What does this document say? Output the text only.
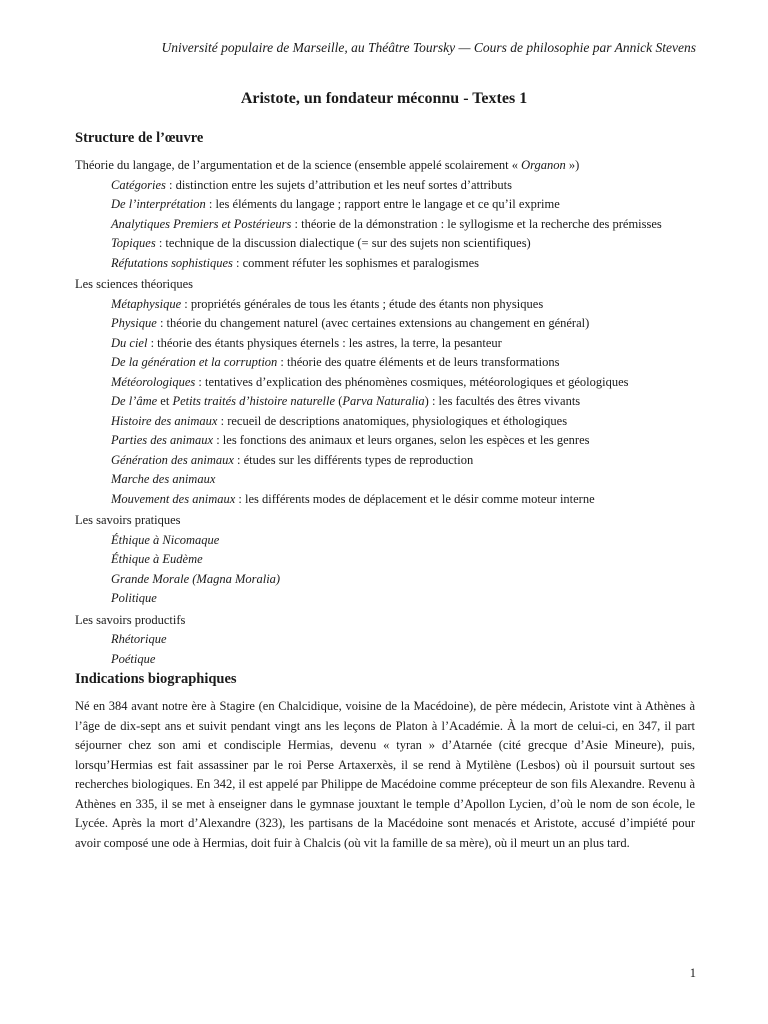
Université populaire de Marseille, au Théâtre Toursky — Cours de philosophie par Annick Stevens
Aristote, un fondateur méconnu - Textes 1
Structure de l’œuvre

Théorie du langage, de l’argumentation et de la science (ensemble appelé scolairement « Organon »)

Catégories : distinction entre les sujets d’attribution et les neuf sortes d’attributs

De l’interprétation : les éléments du langage ; rapport entre le langage et ce qu’il exprime

Analytiques Premiers et Postérieurs : théorie de la démonstration : le syllogisme et la recherche des prémisses

Topiques : technique de la discussion dialectique (= sur des sujets non scientifiques)

Réfutations sophistiques : comment réfuter les sophismes et paralogismes

Les sciences théoriques

Métaphysique : propriétés générales de tous les étants ; étude des étants non physiques

Physique : théorie du changement naturel (avec certaines extensions au changement en général)

Du ciel : théorie des étants physiques éternels : les astres, la terre, la pesanteur

De la génération et la corruption : théorie des quatre éléments et de leurs transformations

Météorologiques : tentatives d’explication des phénomènes cosmiques, météorologiques et géologiques

De l’âme et Petits traités d’histoire naturelle (Parva Naturalia) : les facultés des êtres vivants

Histoire des animaux : recueil de descriptions anatomiques, physiologiques et éthologiques

Parties des animaux : les fonctions des animaux et leurs organes, selon les espèces et les genres

Génération des animaux : études sur les différents types de reproduction

Marche des animaux

Mouvement des animaux : les différents modes de déplacement et le désir comme moteur interne

Les savoirs pratiques

Éthique à Nicomaque

Éthique à Eudème

Grande Morale (Magna Moralia)

Politique

Les savoirs productifs

Rhétorique

Poétique

Indications biographiques

Né en 384 avant notre ère à Stagire (en Chalcidique, voisine de la Macédoine), de père médecin, Aristote vint à Athènes à l’âge de dix-sept ans et suivit pendant vingt ans les leçons de Platon à l’Académie. À la mort de celui-ci, en 347, il part séjourner chez son ami et condisciple Hermias, devenu « tyran » d’Atarnée (cité grecque d’Asie Mineure), puis, lorsqu’Hermias est fait assassiner par le roi Perse Artaxerxès, il se rend à Mytilène (Lesbos) où il poursuit surtout ses recherches biologiques. En 342, il est appelé par Philippe de Macédoine comme précepteur de son fils Alexandre. Revenu à Athènes en 335, il se met à enseigner dans le gymnase jouxtant le temple d’Apollon Lycien, d’où le nom de son école, le Lycée. Après la mort d’Alexandre (323), les partisans de la Macédoine sont menacés et Aristote, accusé d’impiété pour avoir composé une ode à Hermias, doit fuir à Chalcis (où vit la famille de sa mère), où il meurt un an plus tard.

1
